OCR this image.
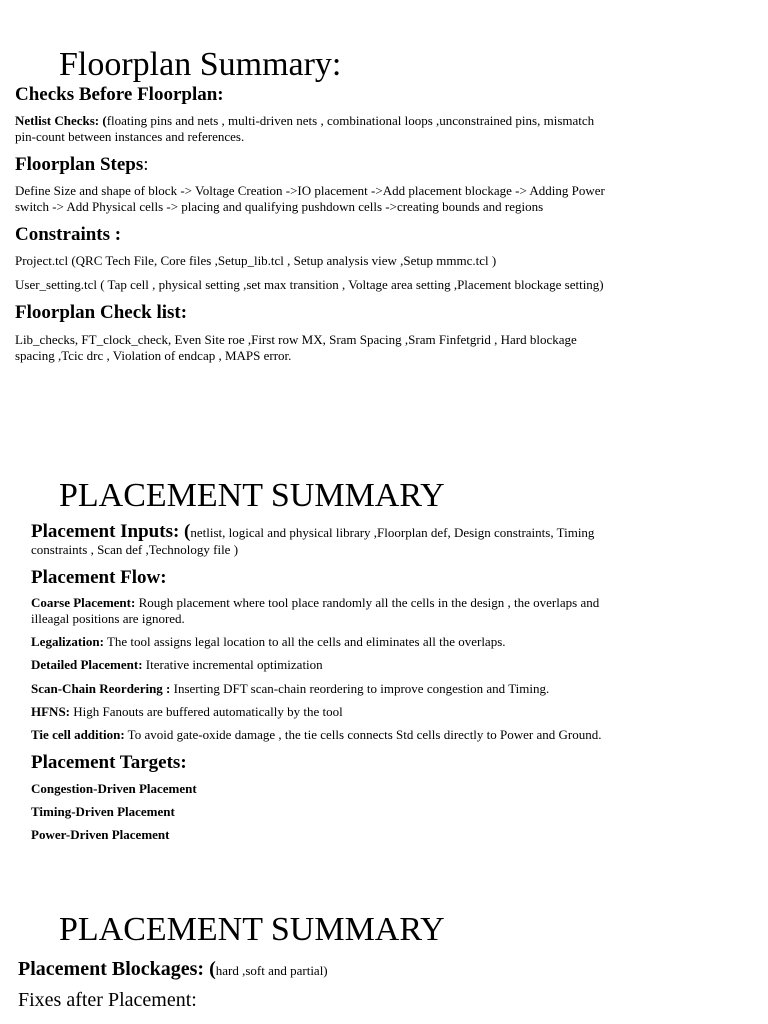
Floorplan Summary:
Checks Before Floorplan:
Netlist Checks: (floating pins and nets , multi-driven nets , combinational loops ,unconstrained pins, mismatch
pin-count between instances and references.
Floorplan Steps:
Define Size and shape of block -> Voltage Creation ->IO placement ->Add placement blockage -> Adding Power
switch -> Add Physical cells -> placing and qualifying pushdown cells ->creating bounds and regions
Constraints :
Project.tcl (QRC Tech File, Core files ,Setup_lib.tcl , Setup analysis view ,Setup mmmc.tcl )
User_setting.tcl ( Tap cell , physical setting ,set max transition , Voltage area setting ,Placement blockage setting)
Floorplan Check list:
Lib_checks, FT_clock_check, Even Site roe ,First row MX, Sram Spacing ,Sram Finfetgrid , Hard blockage
spacing ,Tcic drc , Violation of endcap , MAPS error.
PLACEMENT SUMMARY
Placement Inputs: (netlist, logical and physical library ,Floorplan def, Design constraints, Timing
constraints , Scan def ,Technology file )
Placement Flow:
Coarse Placement: Rough placement where tool place randomly all the cells in the design , the overlaps and
illeagal positions are ignored.
Legalization: The tool assigns legal location to all the cells and eliminates all the overlaps.
Detailed Placement: Iterative incremental optimization
Scan-Chain Reordering : Inserting DFT scan-chain reordering to improve congestion and Timing.
HFNS: High Fanouts are buffered automatically by the tool
Tie cell addition: To avoid gate-oxide damage , the tie cells connects Std cells directly to Power and Ground.
Placement Targets:
Congestion-Driven Placement
Timing-Driven Placement
Power-Driven Placement
PLACEMENT SUMMARY
Placement Blockages: (hard ,soft and partial)
Fixes after Placement:
